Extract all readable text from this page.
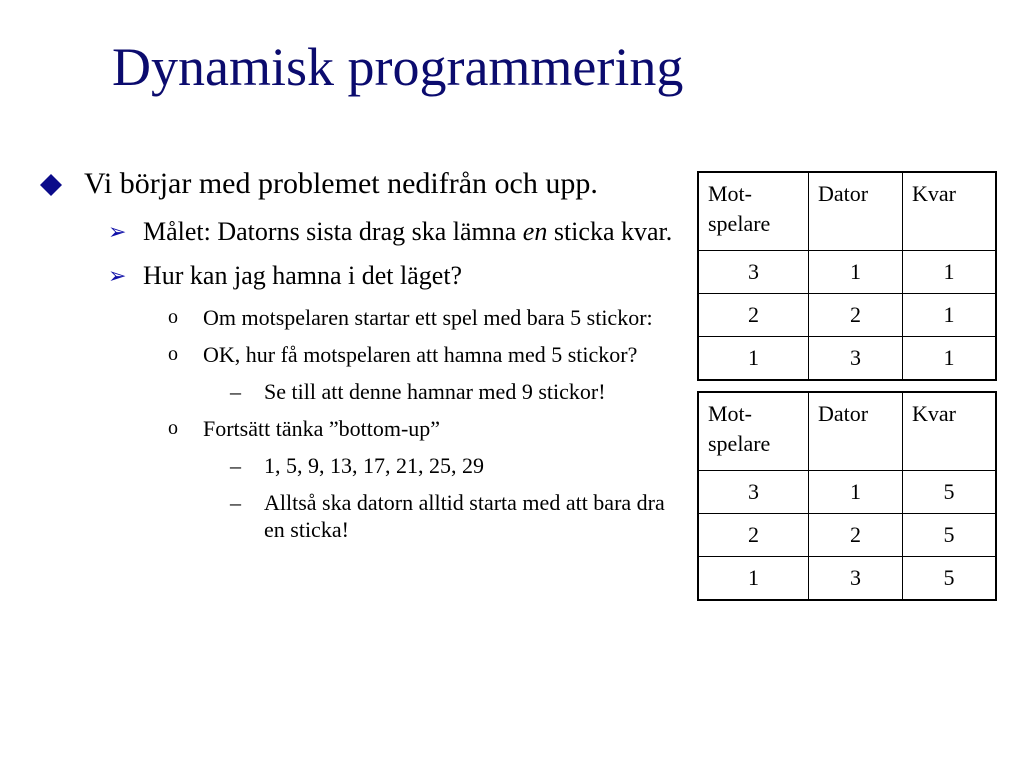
Dynamisk programmering
Vi börjar med problemet nedifrån och upp.
➢ Målet: Datorns sista drag ska lämna en sticka kvar.
➢ Hur kan jag hamna i det läget?
o Om motspelaren startar ett spel med bara 5 stickor:
o OK, hur få motspelaren att hamna med 5 stickor?
– Se till att denne hamnar med 9 stickor!
o Fortsätt tänka ”bottom-up”
– 1, 5, 9, 13, 17, 21, 25, 29
– Alltså ska datorn alltid starta med att bara dra en sticka!
Mot-spelare	Dator	Kvar
3	1	1
2	2	1
1	3	1
Mot-spelare	Dator	Kvar
3	1	5
2	2	5
1	3	5
